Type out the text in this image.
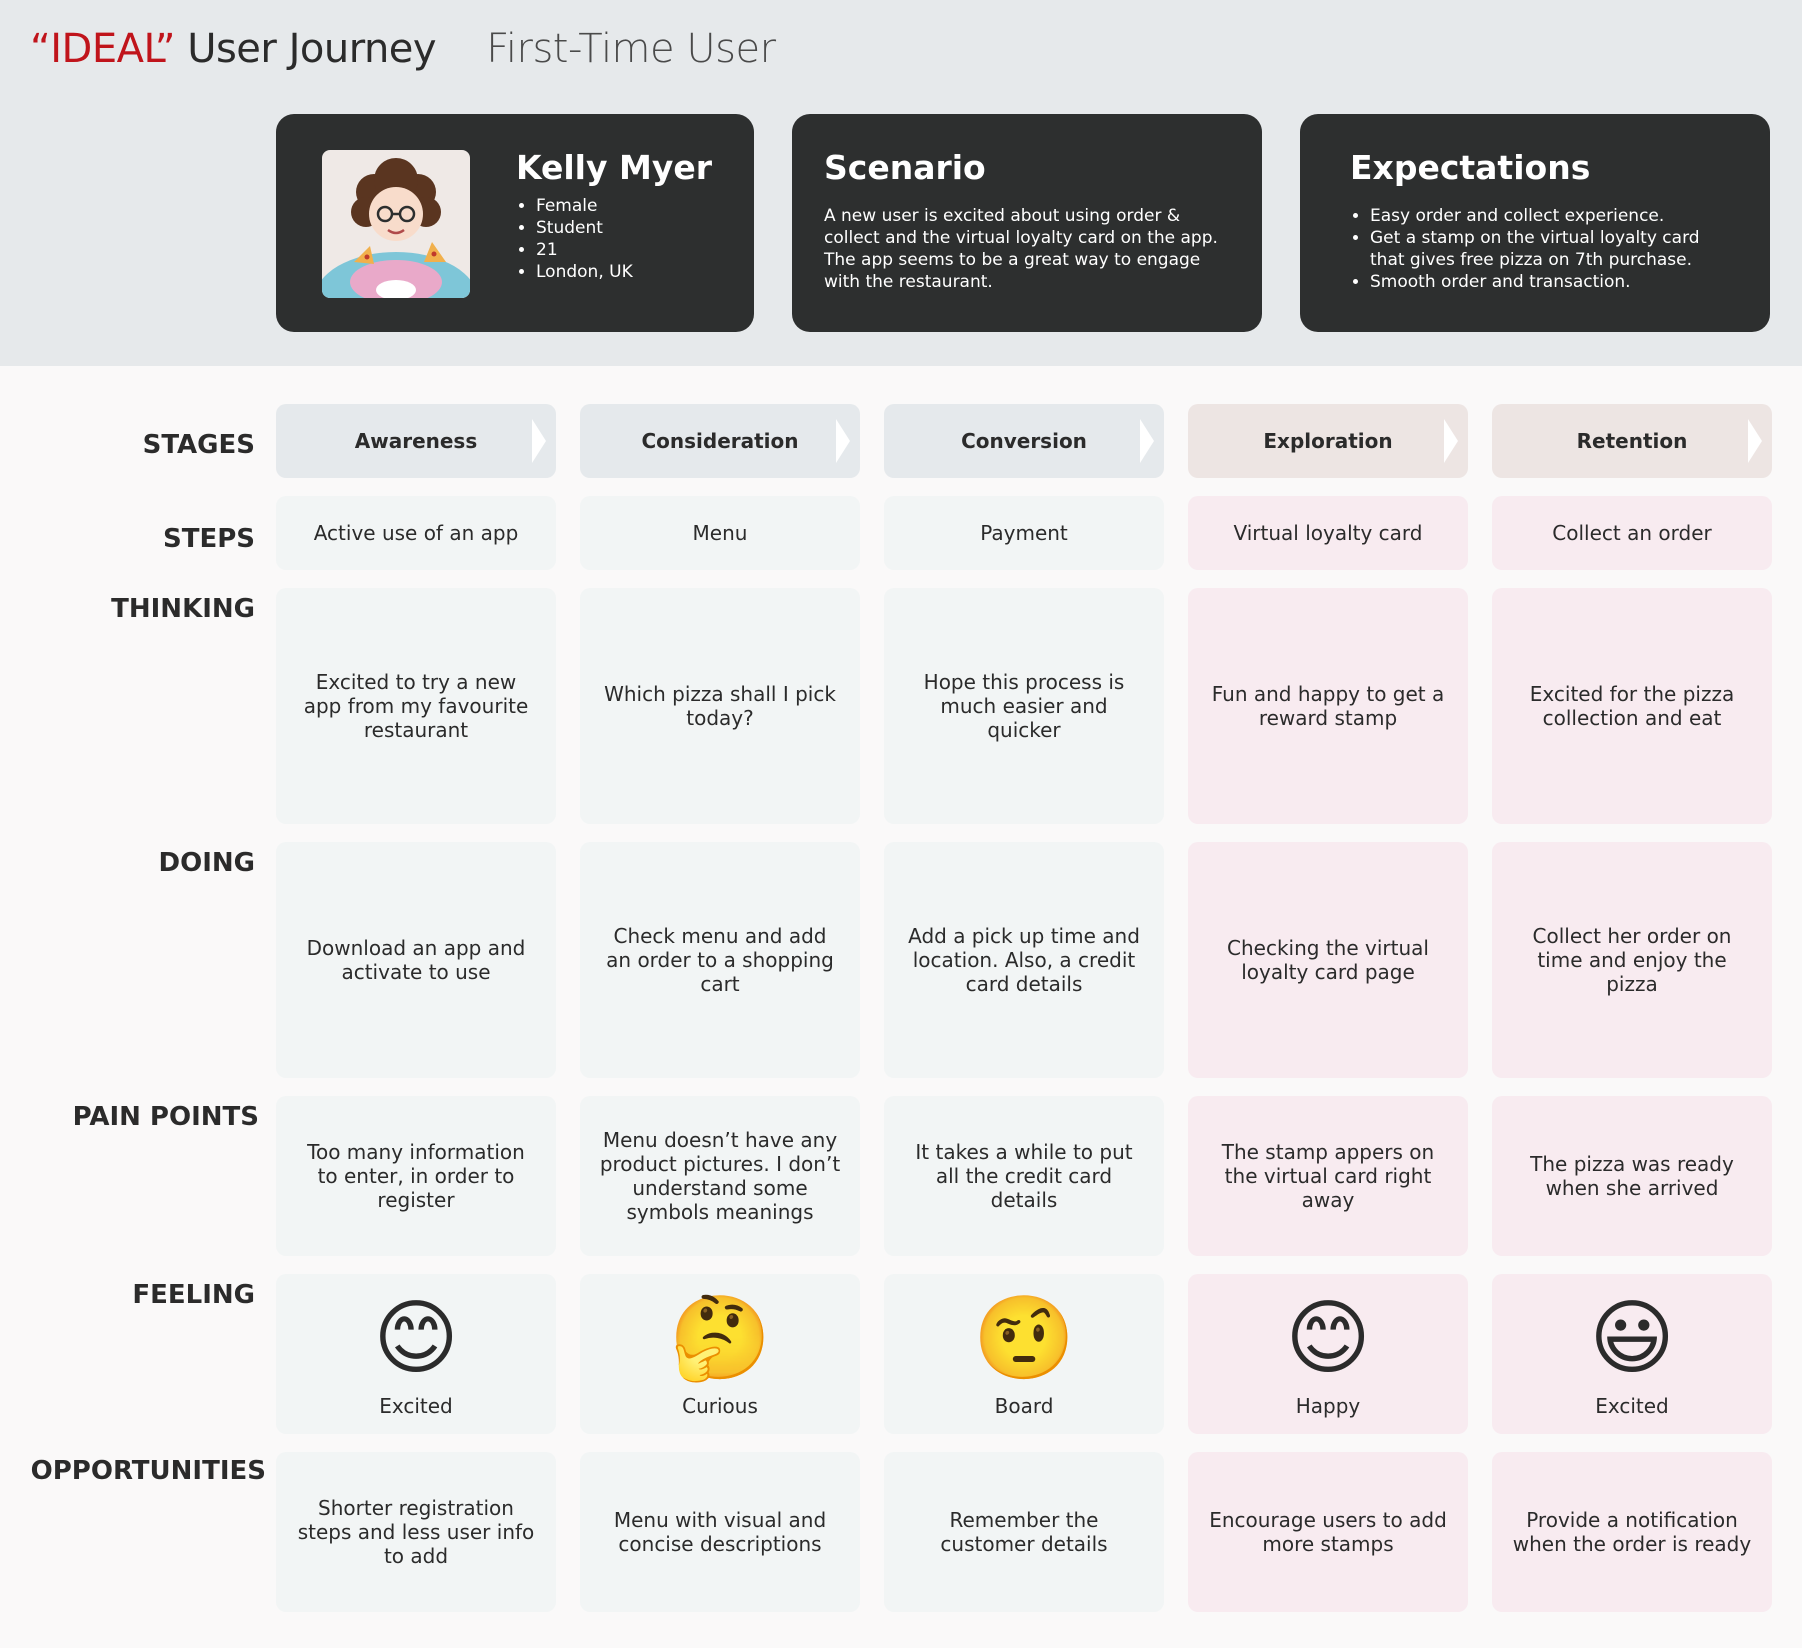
“IDEAL” User Journey First-Time User
Kelly Myer
• Female
• Student
• 21
• London, UK
Scenario

A new user is excited about using order &
collect and the virtual loyalty card on the app.
The app seems to be a great way to engage
with the restaurant.

Expectations
• Easy order and collect experience.
• Get a stamp on the virtual loyalty card that gives free pizza on 7th purchase.
• Smooth order and transaction.
STAGES
STEPS
THINKING
DOING
PAIN POINTS
FEELING
OPPORTUNITIES
Awareness
Active use of an app
Excited to try a new app from my favourite restaurant
Download an app and activate to use
Too many information to enter, in order to register
😊
Excited
Shorter registration steps and less user info to add
Consideration
Menu
Which pizza shall I pick today?
Check menu and add an order to a shopping cart
Menu doesn’t have any product pictures. I don’t understand some symbols meanings
🤔
Curious
Menu with visual and concise descriptions
Conversion
Payment
Hope this process is much easier and quicker
Add a pick up time and location. Also, a credit card details
It takes a while to put all the credit card details
🤨
Board
Remember the customer details
Exploration
Virtual loyalty card
Fun and happy to get a reward stamp
Checking the virtual loyalty card page
The stamp appers on the virtual card right away
😊
Happy
Encourage users to add more stamps
Retention
Collect an order
Excited for the pizza collection and eat
Collect her order on time and enjoy the pizza
The pizza was ready when she arrived
😃
Excited
Provide a notification when the order is ready
